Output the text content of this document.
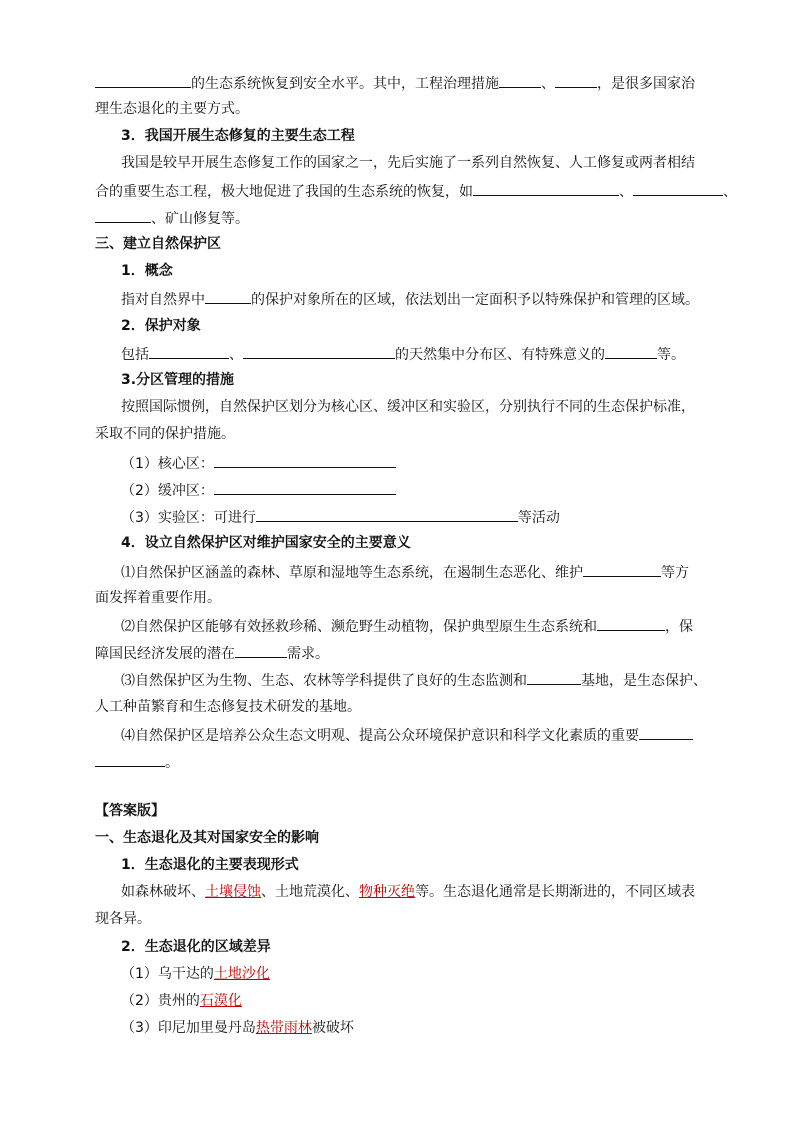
的生态系统恢复到安全水平。其中，工程治理措施	、	，是很多国家治
理生态退化的主要方式。
3．我国开展生态修复的主要生态工程
我国是较早开展生态修复工作的国家之一，先后实施了一系列自然恢复、人工修复或两者相结
合的重要生态工程，极大地促进了我国的生态系统的恢复，如	、	、
、矿山修复等。
三、建立自然保护区
1．概念
指对自然界中	的保护对象所在的区域，依法划出一定面积予以特殊保护和管理的区域。
2．保护对象
包括	、	的天然集中分布区、有特殊意义的	等。
3.分区管理的措施
按照国际惯例，自然保护区划分为核心区、缓冲区和实验区，分别执行不同的生态保护标准，
采取不同的保护措施。
（1）核心区：
（2）缓冲区：
（3）实验区：可进行	等活动
4．设立自然保护区对维护国家安全的主要意义
⑴自然保护区涵盖的森林、草原和湿地等生态系统，在遏制生态恶化、维护	等方
面发挥着重要作用。
⑵自然保护区能够有效拯救珍稀、濒危野生动植物，保护典型原生生态系统和	，保
障国民经济发展的潜在	需求。
⑶自然保护区为生物、生态、农林等学科提供了良好的生态监测和	基地，是生态保护、
人工种苗繁育和生态修复技术研发的基地。
⑷自然保护区是培养公众生态文明观、提高公众环境保护意识和科学文化素质的重要
。
【答案版】
一、生态退化及其对国家安全的影响
1．生态退化的主要表现形式
如森林破坏、土壤侵蚀、土地荒漠化、物种灭绝等。生态退化通常是长期渐进的，不同区域表
现各异。
2．生态退化的区域差异
（1）乌干达的土地沙化
（2）贵州的石漠化
（3）印尼加里曼丹岛热带雨林被破坏
